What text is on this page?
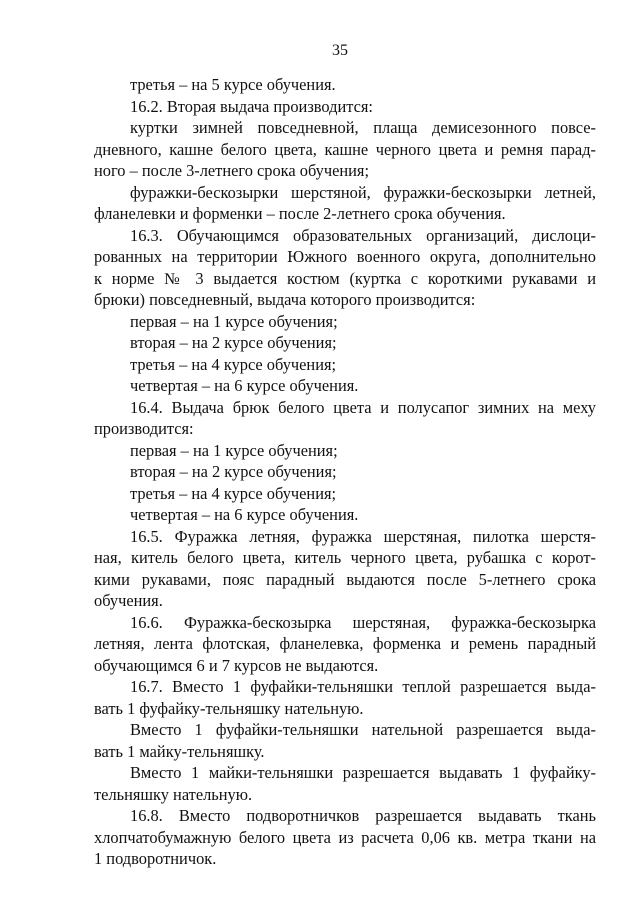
35
третья – на 5 курсе обучения.
16.2. Вторая выдача производится:
куртки зимней повседневной, плаща демисезонного повсе-
дневного, кашне белого цвета, кашне черного цвета и ремня парад-
ного – после 3-летнего срока обучения;
фуражки-бескозырки шерстяной, фуражки-бескозырки летней,
фланелевки и форменки – после 2-летнего срока обучения.
16.3. Обучающимся образовательных организаций, дислоци-
рованных на территории Южного военного округа, дополнительно
к норме № 3 выдается костюм (куртка с короткими рукавами и
брюки) повседневный, выдача которого производится:
первая – на 1 курсе обучения;
вторая – на 2 курсе обучения;
третья – на 4 курсе обучения;
четвертая – на 6 курсе обучения.
16.4. Выдача брюк белого цвета и полусапог зимних на меху
производится:
первая – на 1 курсе обучения;
вторая – на 2 курсе обучения;
третья – на 4 курсе обучения;
четвертая – на 6 курсе обучения.
16.5. Фуражка летняя, фуражка шерстяная, пилотка шерстя-
ная, китель белого цвета, китель черного цвета, рубашка с корот-
кими рукавами, пояс парадный выдаются после 5-летнего срока
обучения.
16.6. Фуражка-бескозырка шерстяная, фуражка-бескозырка
летняя, лента флотская, фланелевка, форменка и ремень парадный
обучающимся 6 и 7 курсов не выдаются.
16.7. Вместо 1 фуфайки-тельняшки теплой разрешается выда-
вать 1 фуфайку-тельняшку нательную.
Вместо 1 фуфайки-тельняшки нательной разрешается выда-
вать 1 майку-тельняшку.
Вместо 1 майки-тельняшки разрешается выдавать 1 фуфайку-
тельняшку нательную.
16.8. Вместо подворотничков разрешается выдавать ткань
хлопчатобумажную белого цвета из расчета 0,06 кв. метра ткани на
1 подворотничок.
